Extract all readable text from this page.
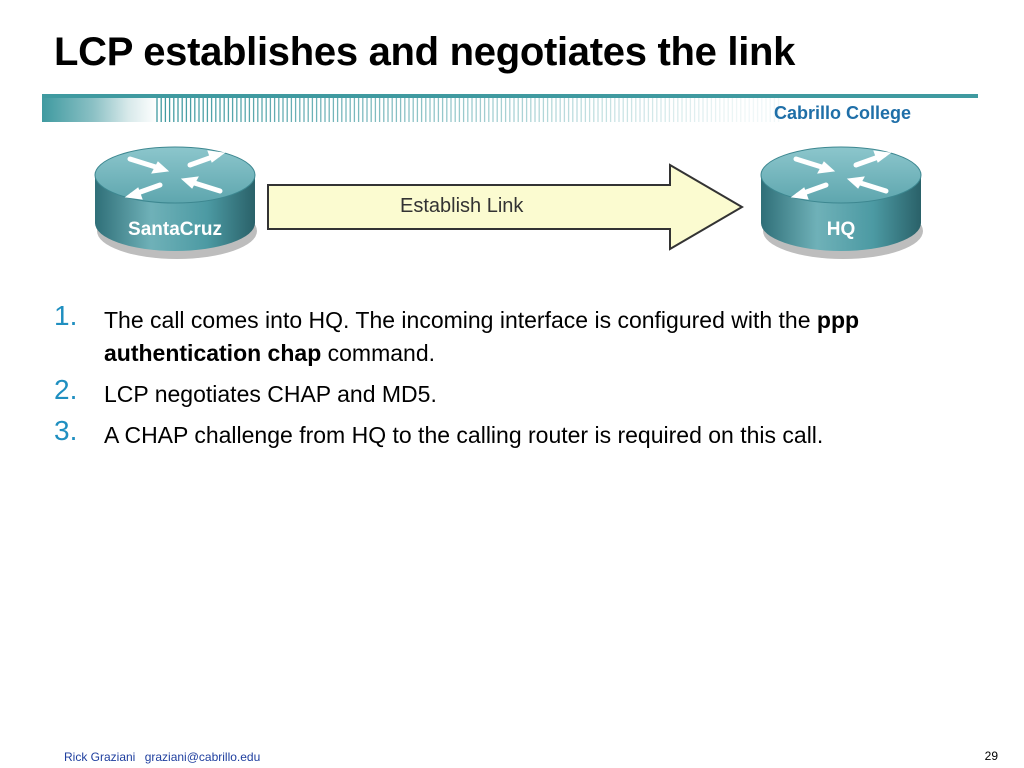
LCP establishes and negotiates the link
Cabrillo College
SantaCruz
Establish Link
HQ
1. The call comes into HQ. The incoming interface is configured with the ppp authentication chap command.
2. LCP negotiates CHAP and MD5.
3. A CHAP challenge from HQ to the calling router is required on this call.
Rick Graziani graziani@cabrillo.edu	29
